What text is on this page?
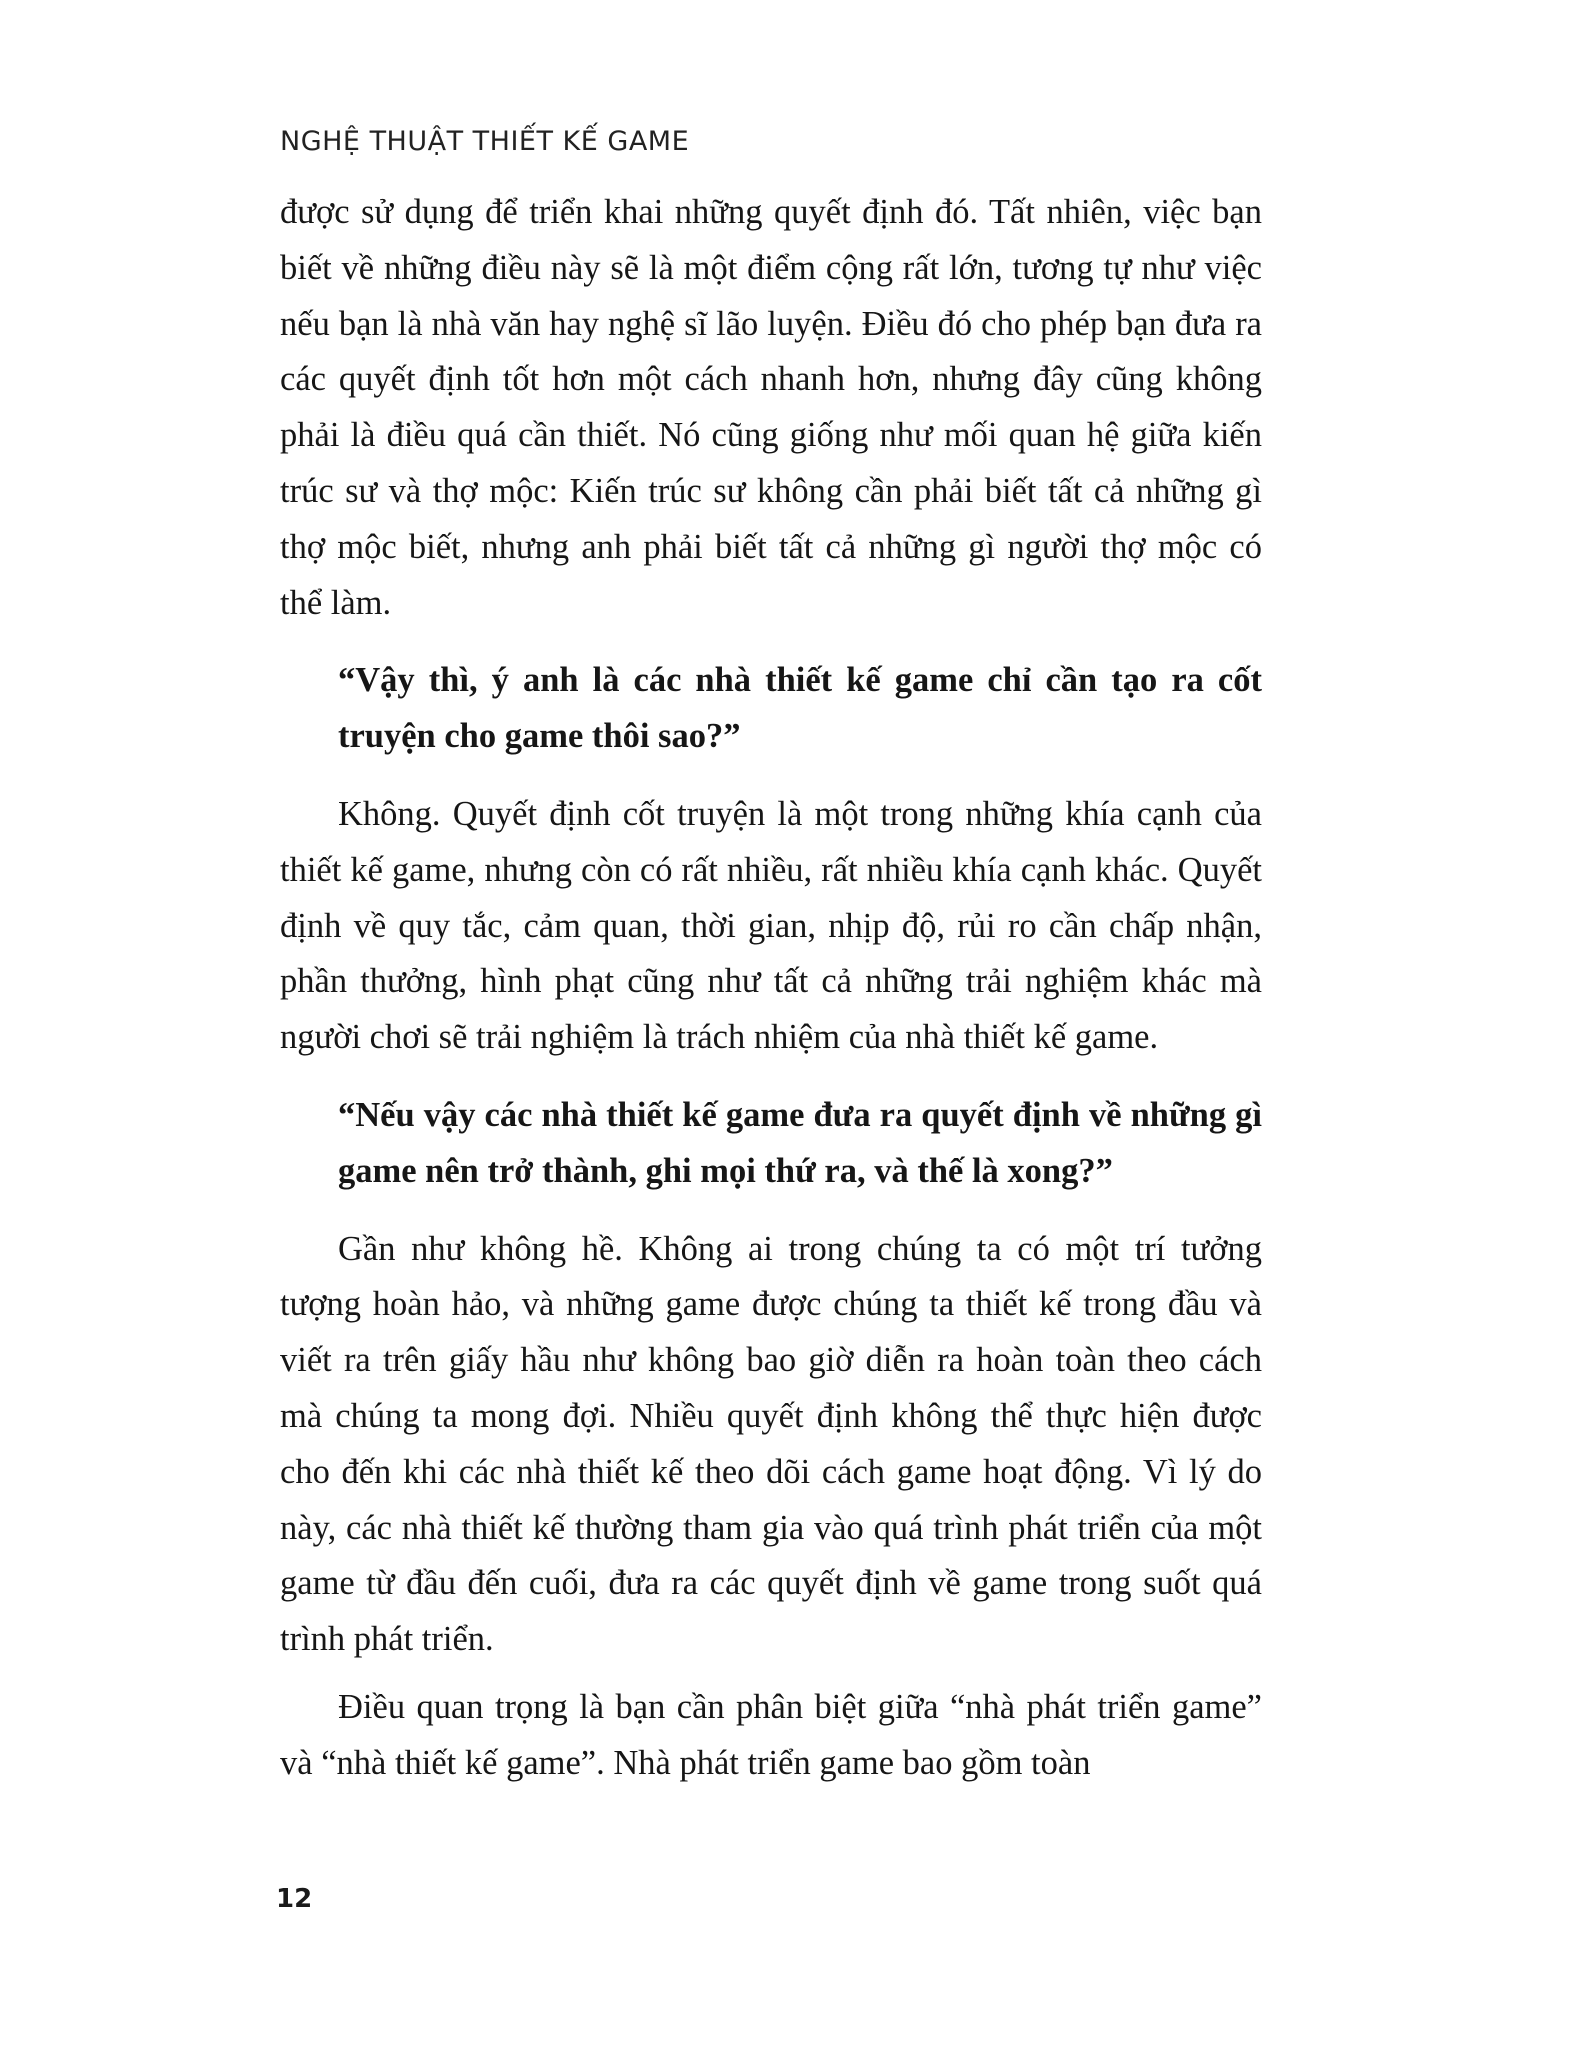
NGHỆ THUẬT THIẾT KẾ GAME

được sử dụng để triển khai những quyết định đó. Tất nhiên, việc bạn biết về những điều này sẽ là một điểm cộng rất lớn, tương tự như việc nếu bạn là nhà văn hay nghệ sĩ lão luyện. Điều đó cho phép bạn đưa ra các quyết định tốt hơn một cách nhanh hơn, nhưng đây cũng không phải là điều quá cần thiết. Nó cũng giống như mối quan hệ giữa kiến trúc sư và thợ mộc: Kiến trúc sư không cần phải biết tất cả những gì thợ mộc biết, nhưng anh phải biết tất cả những gì người thợ mộc có thể làm.

“Vậy thì, ý anh là các nhà thiết kế game chỉ cần tạo ra cốt truyện cho game thôi sao?”

Không. Quyết định cốt truyện là một trong những khía cạnh của thiết kế game, nhưng còn có rất nhiều, rất nhiều khía cạnh khác. Quyết định về quy tắc, cảm quan, thời gian, nhịp độ, rủi ro cần chấp nhận, phần thưởng, hình phạt cũng như tất cả những trải nghiệm khác mà người chơi sẽ trải nghiệm là trách nhiệm của nhà thiết kế game.

“Nếu vậy các nhà thiết kế game đưa ra quyết định về những gì game nên trở thành, ghi mọi thứ ra, và thế là xong?”

Gần như không hề. Không ai trong chúng ta có một trí tưởng tượng hoàn hảo, và những game được chúng ta thiết kế trong đầu và viết ra trên giấy hầu như không bao giờ diễn ra hoàn toàn theo cách mà chúng ta mong đợi. Nhiều quyết định không thể thực hiện được cho đến khi các nhà thiết kế theo dõi cách game hoạt động. Vì lý do này, các nhà thiết kế thường tham gia vào quá trình phát triển của một game từ đầu đến cuối, đưa ra các quyết định về game trong suốt quá trình phát triển.

Điều quan trọng là bạn cần phân biệt giữa “nhà phát triển game” và “nhà thiết kế game”. Nhà phát triển game bao gồm toàn

12
